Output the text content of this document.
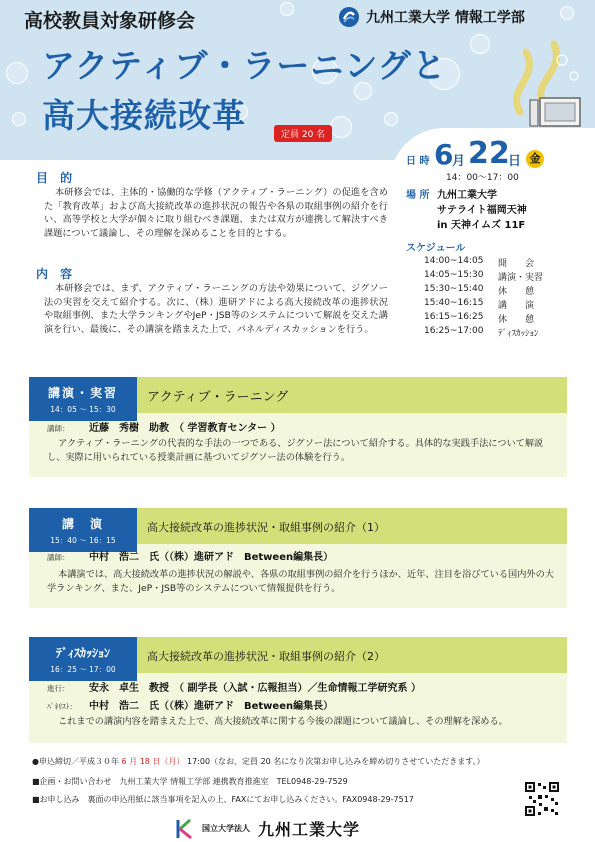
高校教員対象研修会	九州工業大学 情報工学部
アクティブ・ラーニングと
高大接続改革	定員 20 名
日 時 6
月 22
日 金
14：00～17：00
目 的
本研修会では、主体的・協働的な学修（アクティブ・ラーニング）の促進を含めた「教育改革」および高大接続改革の進捗状況の報告や各県の取組事例の紹介を行い、高等学校と大学が個々に取り組むべき課題、または双方が連携して解決すべき課題について議論し、その理解を深めることを目的とする。
内 容
本研修会では、まず、アクティブ・ラーニングの方法や効果について、ジグソー法の実習を交えて紹介する。次に、（株）進研アドによる高大接続改革の進捗状況や取組事例、また大学ランキングやJeP・JSB等のシステムについて解説を交えた講演を行い、最後に、その講演を踏まえた上で、パネルディスカッションを行う。
場 所 九州工業大学
サテライト福岡天神
in 天神イムズ 11F
スケジュール
14:00~14:05	開　　会
14:05~15:30	講演・実習
15:30~15:40	休　　憩
15:40~16:15	講　　演
16:15~16:25	休　　憩
16:25~17:00	ﾃﾞｨｽｶｯｼｮﾝ
講演・実習
14：05 ～ 15：30
アクティブ・ラーニング
講師： 近藤　秀樹　助教　（ 学習教育センター ）
アクティブ・ラーニングの代表的な手法の一つである、ジグソー法について紹介する。具体的な実践手法について解説し、実際に用いられている授業計画に基づいてジグソー法の体験を行う。
講　演
15：40 ～ 16：15
高大接続改革の進捗状況・取組事例の紹介（1）
講師： 中村　浩二　氏（（株）進研アド　Between編集長）
本講演では、高大接続改革の進捗状況の解説や、各県の取組事例の紹介を行うほか、近年、注目を浴びている国内外の大学ランキング、また、JeP・JSB等のシステムについて情報提供を行う。
ﾃﾞｨｽｶｯｼｮﾝ
16：25 ～ 17：00
高大接続改革の進捗状況・取組事例の紹介（2）
進行： 安永　卓生　教授　（ 副学長（入試・広報担当）／生命情報工学研究系 ）
ﾊﾟﾈﾘｽﾄ： 中村　浩二　氏（（株）進研アド　Between編集長）
これまでの講演内容を踏まえた上で、高大接続改革に関する今後の課題について議論し、その理解を深める。
●申込締切／平成３０年 6 月 18 日（月） 17:00（なお、定員 20 名になり次第お申し込みを締め切りさせていただきます。）
■企画・お問い合わせ　九州工業大学 情報工学部 連携教育推進室　TEL0948-29-7529
■お申し込み　裏面の申込用紙に該当事項を記入の上、FAXにてお申し込みください。FAX0948-29-7517
国立大学法人 九州工業大学
